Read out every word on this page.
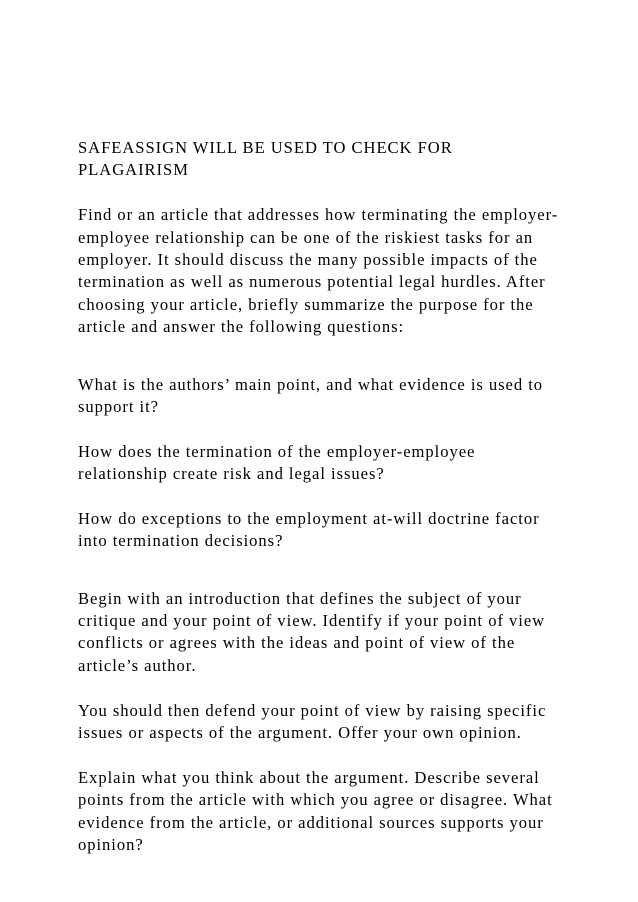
SAFEASSIGN WILL BE USED TO CHECK FOR
PLAGAIRISM
Find or an article that addresses how terminating the employer-
employee relationship can be one of the riskiest tasks for an
employer. It should discuss the many possible impacts of the
termination as well as numerous potential legal hurdles. After
choosing your article, briefly summarize the purpose for the
article and answer the following questions:
What is the authors’ main point, and what evidence is used to
support it?
How does the termination of the employer-employee
relationship create risk and legal issues?
How do exceptions to the employment at-will doctrine factor
into termination decisions?
Begin with an introduction that defines the subject of your
critique and your point of view. Identify if your point of view
conflicts or agrees with the ideas and point of view of the
article’s author.
You should then defend your point of view by raising specific
issues or aspects of the argument. Offer your own opinion.
Explain what you think about the argument. Describe several
points from the article with which you agree or disagree. What
evidence from the article, or additional sources supports your
opinion?
